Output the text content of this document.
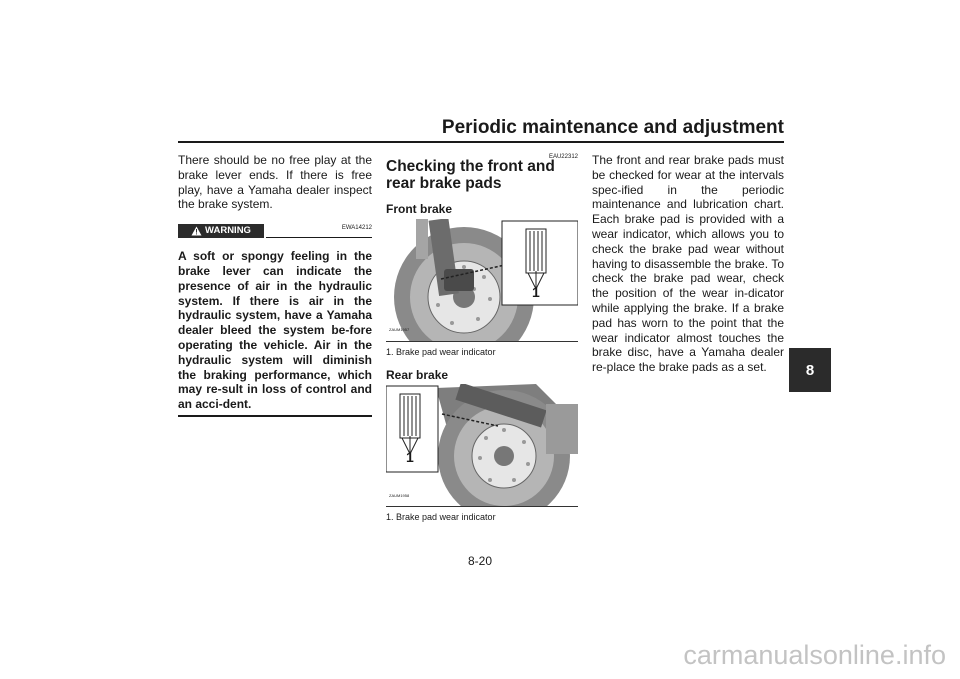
Periodic maintenance and adjustment
8
There should be no free play at the brake lever ends. If there is free play, have a Yamaha dealer inspect the brake system.
WARNING	EWA14212
A soft or spongy feeling in the brake lever can indicate the presence of air in the hydraulic system. If there is air in the hydraulic system, have a Yamaha dealer bleed the system be-fore operating the vehicle. Air in the hydraulic system will diminish the braking performance, which may re-sult in loss of control and an acci-dent.
EAU22312
Checking the front and rear brake pads
Front brake
1
ZAUM1957
1. Brake pad wear indicator
Rear brake
1
ZAUM1958
1. Brake pad wear indicator
The front and rear brake pads must be checked for wear at the intervals spec-ified in the periodic maintenance and lubrication chart. Each brake pad is provided with a wear indicator, which allows you to check the brake pad wear without having to disassemble the brake. To check the brake pad wear, check the position of the wear in-dicator while applying the brake. If a brake pad has worn to the point that the wear indicator almost touches the brake disc, have a Yamaha dealer re-place the brake pads as a set.
8-20
carmanualsonline.info
